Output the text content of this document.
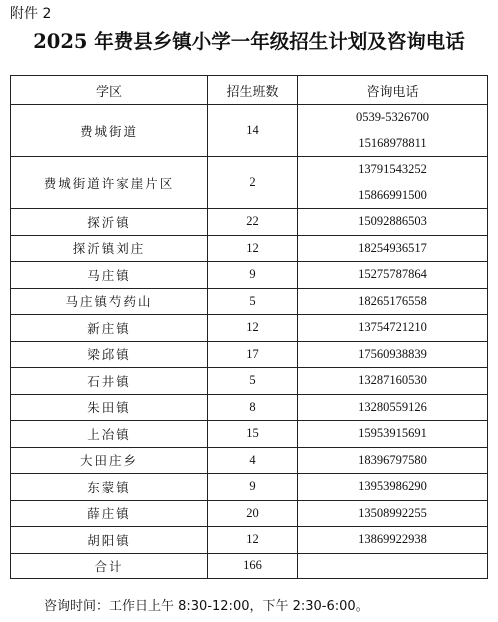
附件 2
2025 年费县乡镇小学一年级招生计划及咨询电话
学区	招生班数	咨询电话
费城街道	14	0539-5326700
15168978811

费城街道许家崖片区	2	13791543252
15866991500

探沂镇	22	15092886503

探沂镇刘庄	12	18254936517

马庄镇	9	15275787864

马庄镇芍药山	5	18265176558

新庄镇	12	13754721210

梁邱镇	17	17560938839

石井镇	5	13287160530

朱田镇	8	13280559126

上冶镇	15	15953915691

大田庄乡	4	18396797580

东蒙镇	9	13953986290

薛庄镇	20	13508992255

胡阳镇	12	13869922938

合计	166	
咨询时间：工作日上午 8:30-12:00，下午 2:30-6:00。
